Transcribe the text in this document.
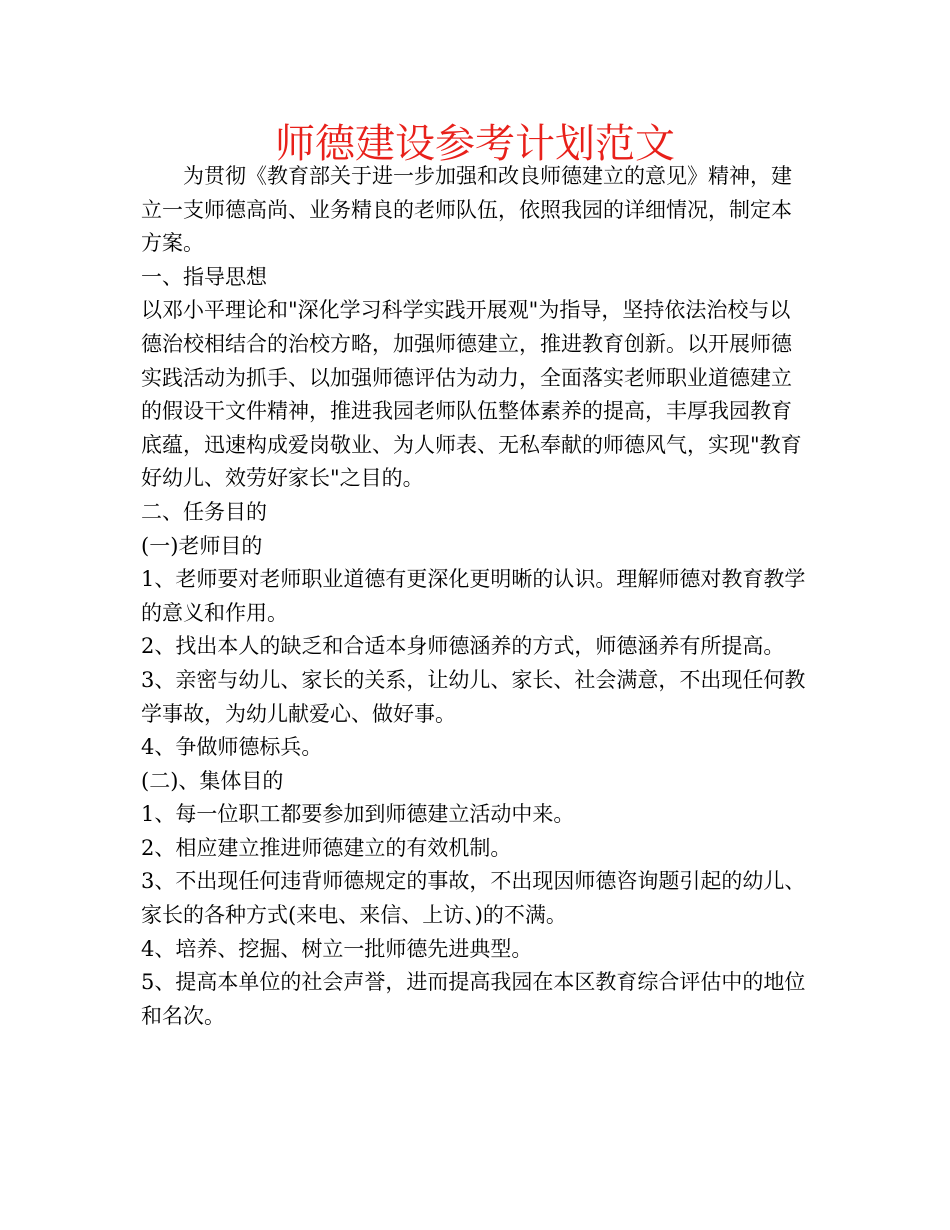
师德建设参考计划范文

为贯彻《教育部关于进一步加强和改良师德建立的意见》精神，建立一支师德高尚、业务精良的老师队伍，依照我园的详细情况，制定本方案。

一、指导思想

以邓小平理论和"深化学习科学实践开展观"为指导，坚持依法治校与以德治校相结合的治校方略，加强师德建立，推进教育创新。以开展师德实践活动为抓手、以加强师德评估为动力，全面落实老师职业道德建立的假设干文件精神，推进我园老师队伍整体素养的提高，丰厚我园教育底蕴，迅速构成爱岗敬业、为人师表、无私奉献的师德风气，实现"教育好幼儿、效劳好家长"之目的。

二、任务目的

(一)老师目的

1、老师要对老师职业道德有更深化更明晰的认识。理解师德对教育教学的意义和作用。

2、找出本人的缺乏和合适本身师德涵养的方式，师德涵养有所提高。

3、亲密与幼儿、家长的关系，让幼儿、家长、社会满意，不出现任何教学事故，为幼儿献爱心、做好事。

4、争做师德标兵。

(二)、集体目的

1、每一位职工都要参加到师德建立活动中来。

2、相应建立推进师德建立的有效机制。

3、不出现任何违背师德规定的事故，不出现因师德咨询题引起的幼儿、家长的各种方式(来电、来信、上访、)的不满。

4、培养、挖掘、树立一批师德先进典型。

5、提高本单位的社会声誉，进而提高我园在本区教育综合评估中的地位和名次。
